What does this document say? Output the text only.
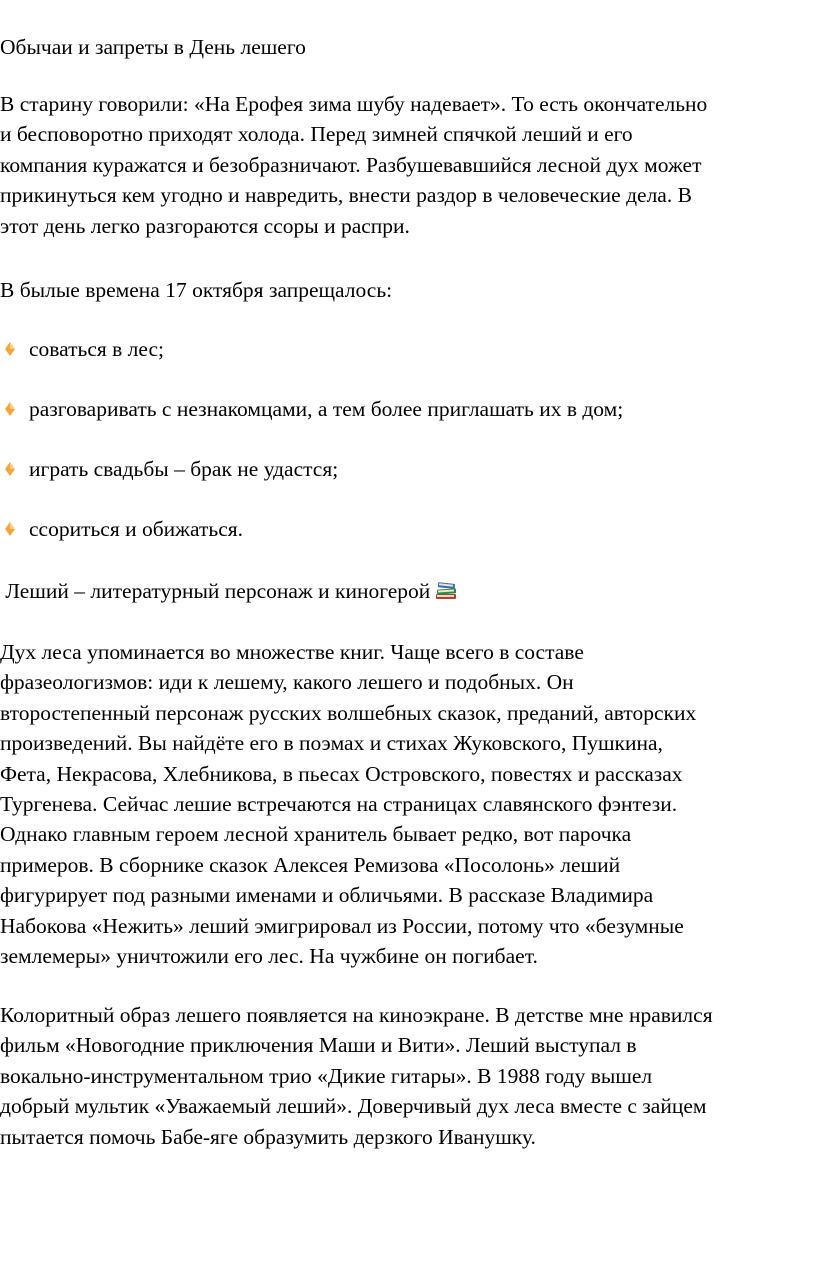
Обычаи и запреты в День лешего

В старину говорили: «На Ерофея зима шубу надевает». То есть окончательно
и бесповоротно приходят холода. Перед зимней спячкой леший и его
компания куражатся и безобразничают. Разбушевавшийся лесной дух может
прикинуться кем угодно и навредить, внести раздор в человеческие дела. В
этот день легко разгораются ссоры и распри.

В былые времена 17 октября запрещалось:

соваться в лес;
разговаривать с незнакомцами, а тем более приглашать их в дом;
играть свадьбы – брак не удастся;
ссориться и обижаться.

Леший – литературный персонаж и киногерой

Дух леса упоминается во множестве книг. Чаще всего в составе
фразеологизмов: иди к лешему, какого лешего и подобных. Он
второстепенный персонаж русских волшебных сказок, преданий, авторских
произведений. Вы найдёте его в поэмах и стихах Жуковского, Пушкина,
Фета, Некрасова, Хлебникова, в пьесах Островского, повестях и рассказах
Тургенева. Сейчас лешие встречаются на страницах славянского фэнтези.
Однако главным героем лесной хранитель бывает редко, вот парочка
примеров. В сборнике сказок Алексея Ремизова «Посолонь» леший
фигурирует под разными именами и обличьями. В рассказе Владимира
Набокова «Нежить» леший эмигрировал из России, потому что «безумные
землемеры» уничтожили его лес. На чужбине он погибает.
Колоритный образ лешего появляется на киноэкране. В детстве мне нравился
фильм «Новогодние приключения Маши и Вити». Леший выступал в
вокально-инструментальном трио «Дикие гитары». В 1988 году вышел
добрый мультик «Уважаемый леший». Доверчивый дух леса вместе с зайцем
пытается помочь Бабе-яге образумить дерзкого Иванушку.
